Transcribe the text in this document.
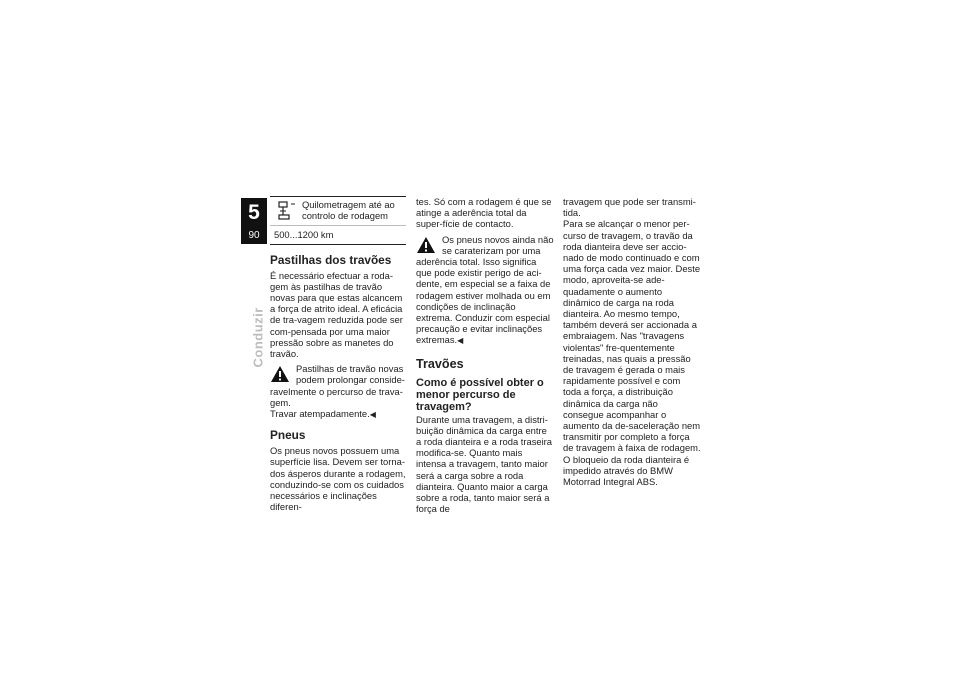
5
90
Conduzir
Quilometragem até ao controlo de rodagem
500...1200 km
Pastilhas dos travões

É necessário efectuar a roda-gem às pastilhas de travão novas para que estas alcancem a força de atrito ideal. A eficácia de tra-vagem reduzida pode ser com-pensada por uma maior pressão sobre as manetes do travão.

Pastilhas de travão novas podem prolongar conside-
ravelmente o percurso de trava-gem.
Travar atempadamente.◀
Pneus

Os pneus novos possuem uma superfície lisa. Devem ser torna-dos ásperos durante a rodagem, conduzindo-se com os cuidados necessários e inclinações diferen-

tes. Só com a rodagem é que se atinge a aderência total da super-fície de contacto.

Os pneus novos ainda não se caraterizam por uma
aderência total. Isso significa que pode existir perigo de aci-dente, em especial se a faixa de rodagem estiver molhada ou em condições de inclinação extrema. Conduzir com especial precaução e evitar inclinações extremas.◀
Travões
Como é possível obter o menor percurso de travagem?

Durante uma travagem, a distri-buição dinâmica da carga entre a roda dianteira e a roda traseira modifica-se. Quanto mais intensa a travagem, tanto maior será a carga sobre a roda dianteira. Quanto maior a carga sobre a roda, tanto maior será a força de

travagem que pode ser transmi-tida.

Para se alcançar o menor per-curso de travagem, o travão da roda dianteira deve ser accio-nado de modo continuado e com uma força cada vez maior. Deste modo, aproveita-se ade-quadamente o aumento dinâmico de carga na roda dianteira. Ao mesmo tempo, também deverá ser accionada a embraiagem. Nas "travagens violentas" fre-quentemente treinadas, nas quais a pressão de travagem é gerada o mais rapidamente possível e com toda a força, a distribuição dinâmica da carga não consegue acompanhar o aumento da de-saceleração nem transmitir por completo a força de travagem à faixa de rodagem.

O bloqueio da roda dianteira é impedido através do BMW Motorrad Integral ABS.
